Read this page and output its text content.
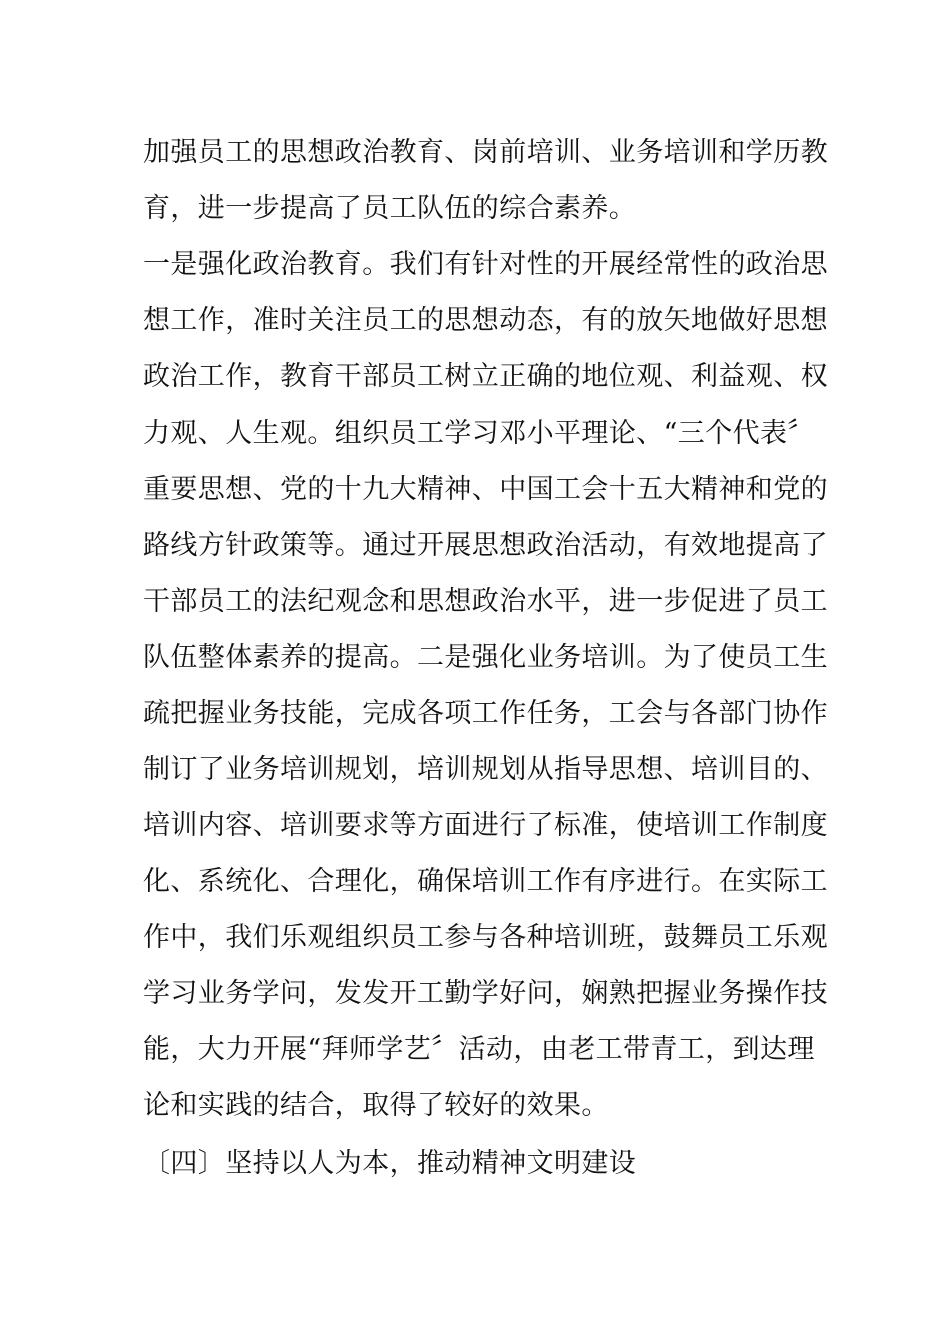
加强员工的思想政治教育、岗前培训、业务培训和学历教
育，进一步提高了员工队伍的综合素养。
一是强化政治教育。我们有针对性的开展经常性的政治思
想工作，准时关注员工的思想动态，有的放矢地做好思想
政治工作，教育干部员工树立正确的地位观、利益观、权
力观、人生观。组织员工学习邓小平理论、“三个代表〞
重要思想、党的十九大精神、中国工会十五大精神和党的
路线方针政策等。通过开展思想政治活动，有效地提高了
干部员工的法纪观念和思想政治水平，进一步促进了员工
队伍整体素养的提高。二是强化业务培训。为了使员工生
疏把握业务技能，完成各项工作任务，工会与各部门协作
制订了业务培训规划，培训规划从指导思想、培训目的、
培训内容、培训要求等方面进行了标准，使培训工作制度
化、系统化、合理化，确保培训工作有序进行。在实际工
作中，我们乐观组织员工参与各种培训班，鼓舞员工乐观
学习业务学问，发发开工勤学好问，娴熟把握业务操作技
能，大力开展“拜师学艺〞活动，由老工带青工，到达理
论和实践的结合，取得了较好的效果。
〔四〕坚持以人为本，推动精神文明建设
